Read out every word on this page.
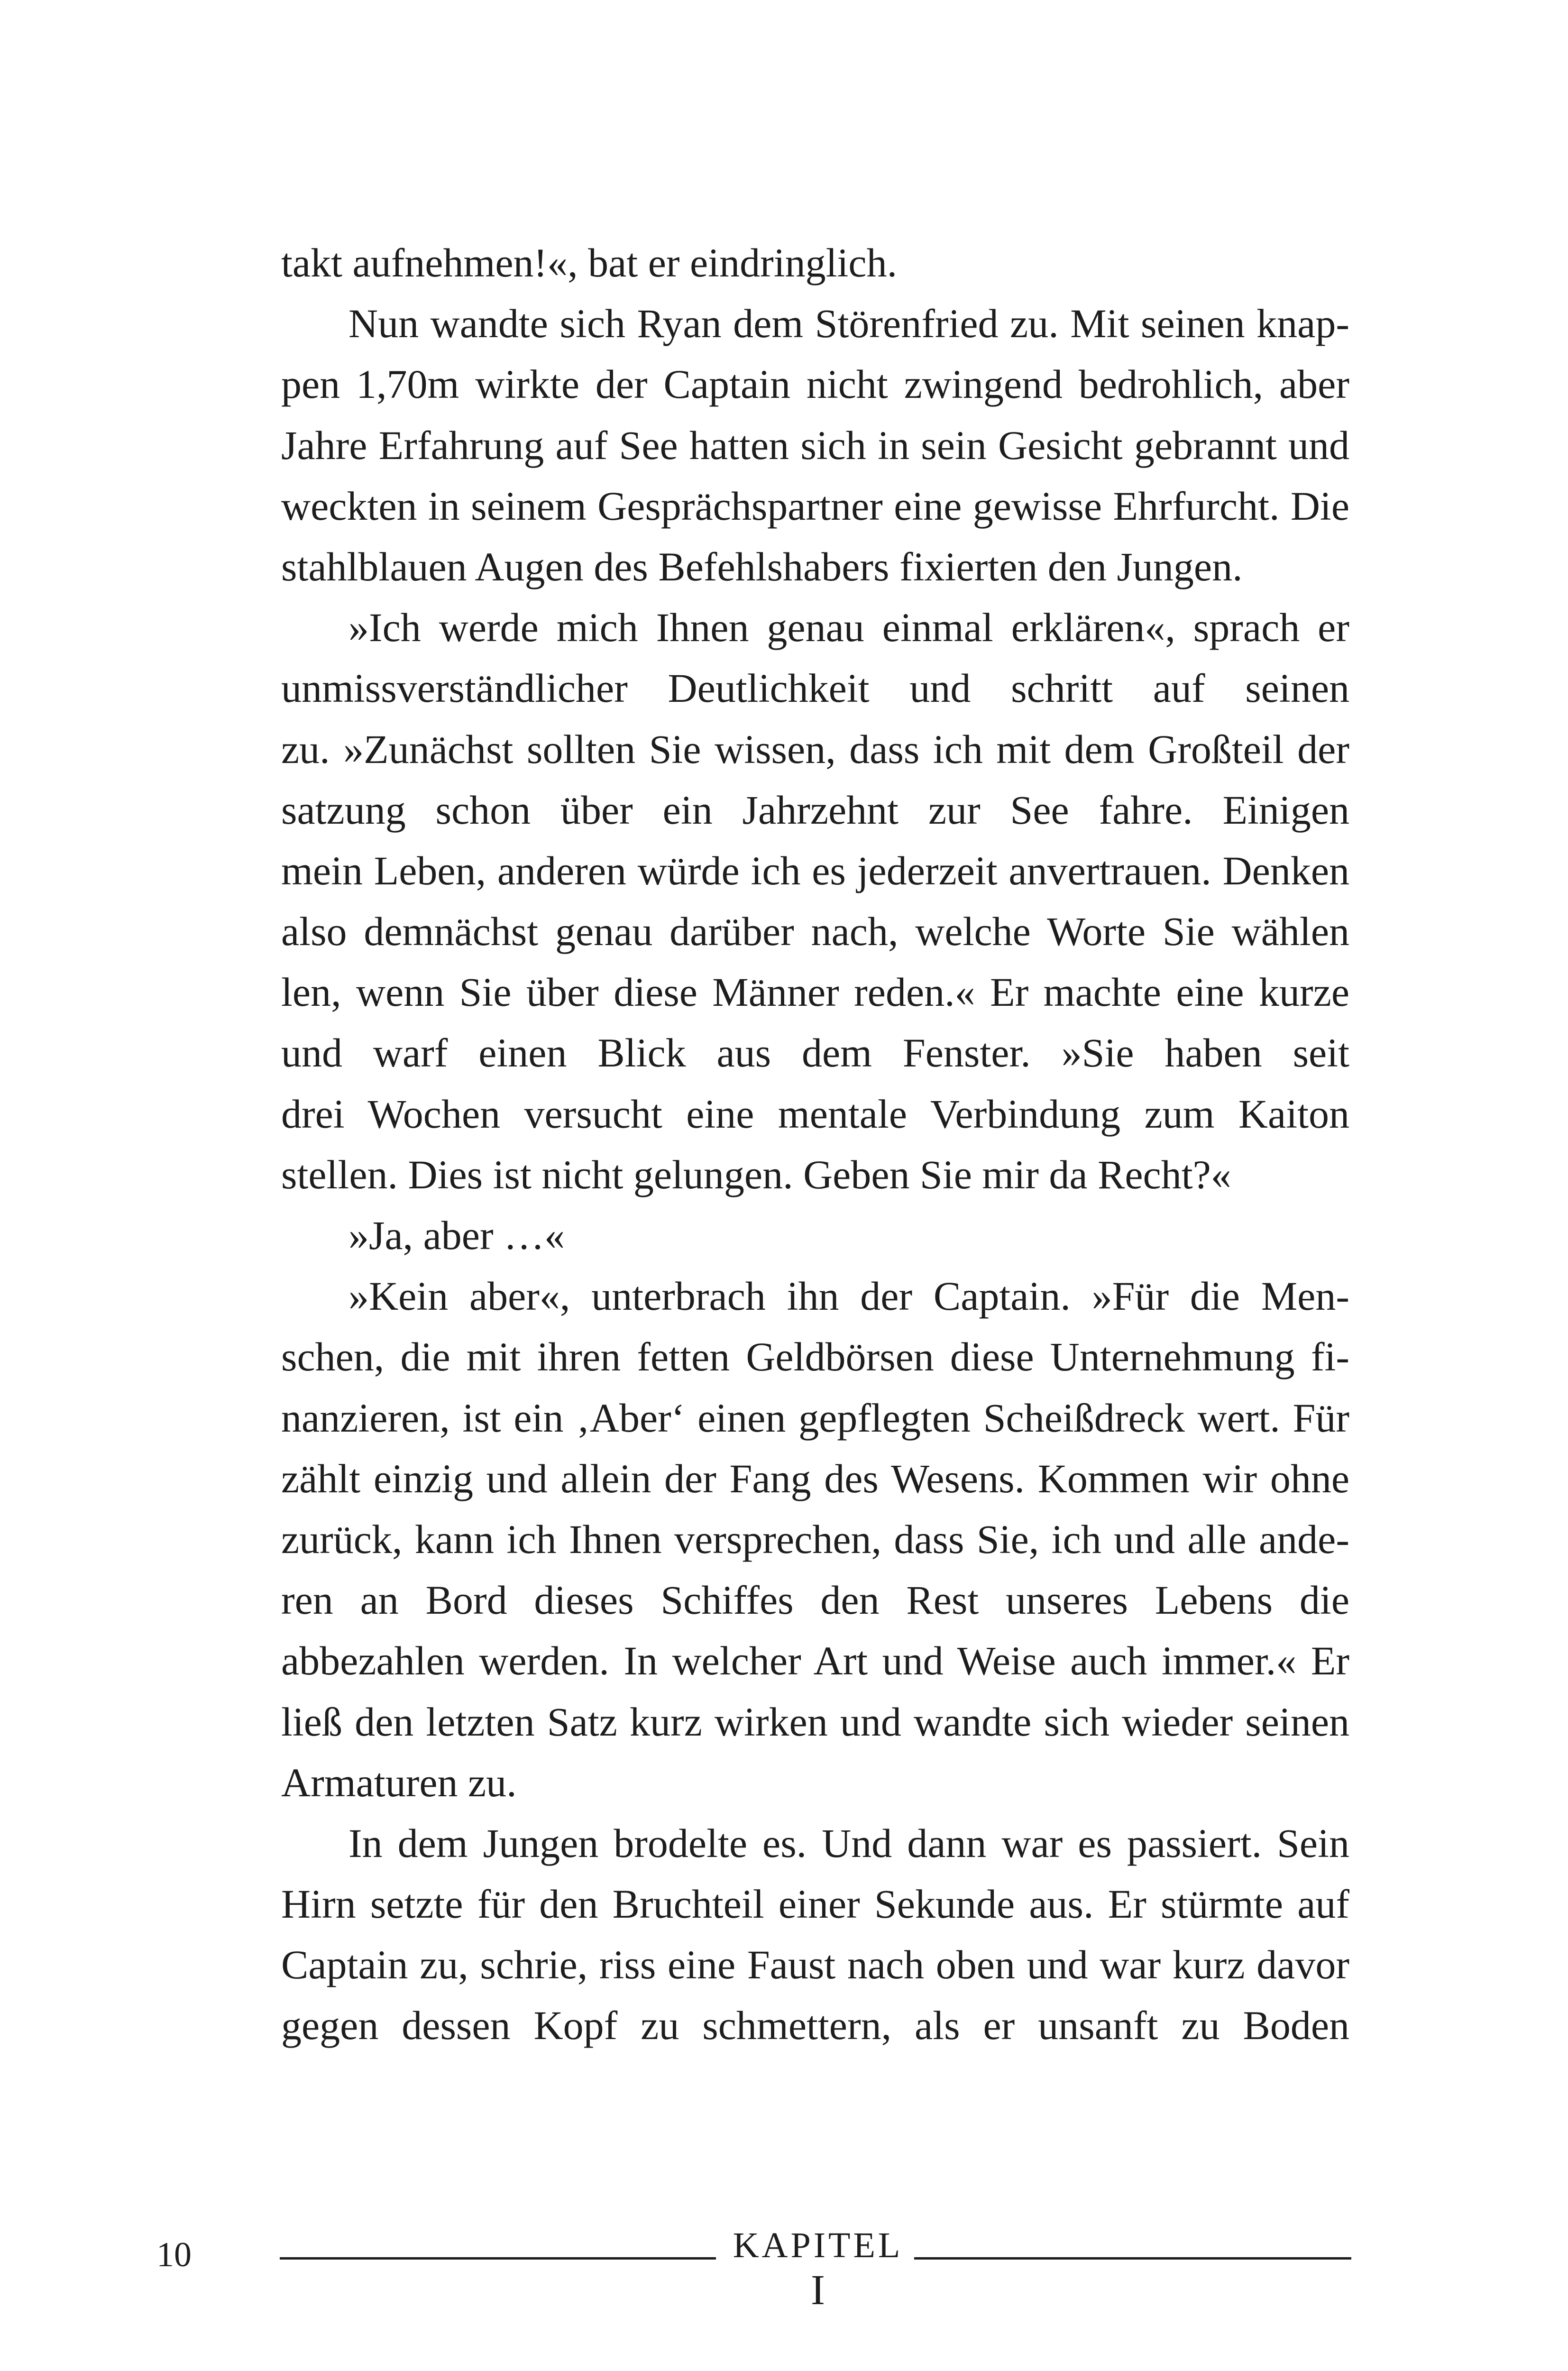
takt aufnehmen!«, bat er eindringlich.
Nun wandte sich Ryan dem Störenfried zu. Mit seinen knap-
pen 1,70m wirkte der Captain nicht zwingend bedrohlich, aber
Jahre Erfahrung auf See hatten sich in sein Gesicht gebrannt und
weckten in seinem Gesprächspartner eine gewisse Ehrfurcht. Die
stahlblauen Augen des Befehlshabers fixierten den Jungen.
»Ich werde mich Ihnen genau einmal erklären«, sprach er
unmissverständlicher Deutlichkeit und schritt auf seinen
zu. »Zunächst sollten Sie wissen, dass ich mit dem Großteil der
satzung schon über ein Jahrzehnt zur See fahre. Einigen
mein Leben, anderen würde ich es jederzeit anvertrauen. Denken
also demnächst genau darüber nach, welche Worte Sie wählen
len, wenn Sie über diese Männer reden.« Er machte eine kurze
und warf einen Blick aus dem Fenster. »Sie haben seit
drei Wochen versucht eine mentale Verbindung zum Kaiton
stellen. Dies ist nicht gelungen. Geben Sie mir da Recht?«
»Ja, aber …«
»Kein aber«, unterbrach ihn der Captain. »Für die Men-
schen, die mit ihren fetten Geldbörsen diese Unternehmung fi-
nanzieren, ist ein ‚Aber‘ einen gepflegten Scheißdreck wert. Für
zählt einzig und allein der Fang des Wesens. Kommen wir ohne
zurück, kann ich Ihnen versprechen, dass Sie, ich und alle ande-
ren an Bord dieses Schiffes den Rest unseres Lebens die
abbezahlen werden. In welcher Art und Weise auch immer.« Er
ließ den letzten Satz kurz wirken und wandte sich wieder seinen
Armaturen zu.
In dem Jungen brodelte es. Und dann war es passiert. Sein
Hirn setzte für den Bruchteil einer Sekunde aus. Er stürmte auf
Captain zu, schrie, riss eine Faust nach oben und war kurz davor
gegen dessen Kopf zu schmettern, als er unsanft zu Boden
10	KAPITEL
I
